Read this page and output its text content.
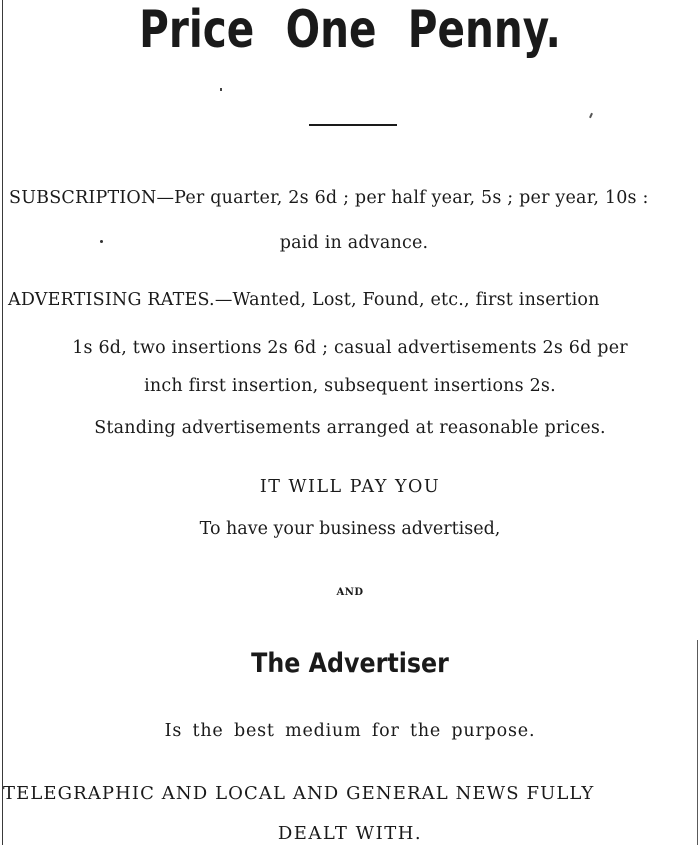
Price One Penny.
SUBSCRIPTION—Per quarter, 2s 6d ; per half year, 5s ; per year, 10s :
paid in advance.
ADVERTISING RATES.—Wanted, Lost, Found, etc., first insertion
1s 6d, two insertions 2s 6d ; casual advertisements 2s 6d per
inch first insertion, subsequent insertions 2s.
Standing advertisements arranged at reasonable prices.
IT WILL PAY YOU
To have your business advertised,
AND
The Advertiser
Is the best medium for the purpose.
TELEGRAPHIC AND LOCAL AND GENERAL NEWS FULLY
DEALT WITH.
